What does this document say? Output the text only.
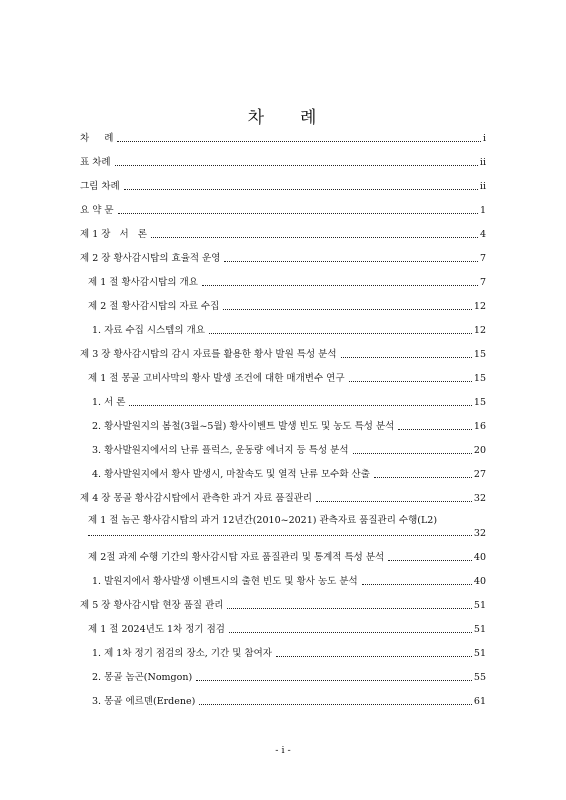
차 례
차     례	i
표 차례	ii
그림 차례	ii
요 약 문	1
제 1 장   서   론	4
제 2 장 황사감시탑의 효율적 운영	7
제 1 절 황사감시탑의 개요	7
제 2 절 황사감시탑의 자료 수집	12
1. 자료 수집 시스템의 개요	12
제 3 장 황사감시탑의 감시 자료를 활용한 황사 발원 특성 분석	15
제 1 절 몽골 고비사막의 황사 발생 조건에 대한 매개변수 연구	15
1. 서 론	15
2. 황사발원지의 봄철(3월~5월) 황사이벤트 발생 빈도 및 농도 특성 분석	16
3. 황사발원지에서의 난류 플럭스, 운동량 에너지 등 특성 분석	20
4. 황사발원지에서 황사 발생시, 마찰속도 및 열적 난류 모수화 산출	27
제 4 장 몽골 황사감시탑에서 관측한 과거 자료 품질관리	32
제 1 절 놈곤 황사감시탑의 과거 12년간(2010~2021) 관측자료 품질관리 수행(L2)
32
제 2절 과제 수행 기간의 황사감시탑 자료 품질관리 및 통계적 특성 분석	40
1. 발원지에서 황사발생 이벤트시의 출현 빈도 및 황사 농도 분석	40
제 5 장 황사감시탑 현장 품질 관리	51
제 1 절 2024년도 1차 정기 점검	51
1. 제 1차 정기 점검의 장소, 기간 및 참여자	51
2. 몽골 놈곤(Nomgon)	55
3. 몽골 에르덴(Erdene)	61
- i -
